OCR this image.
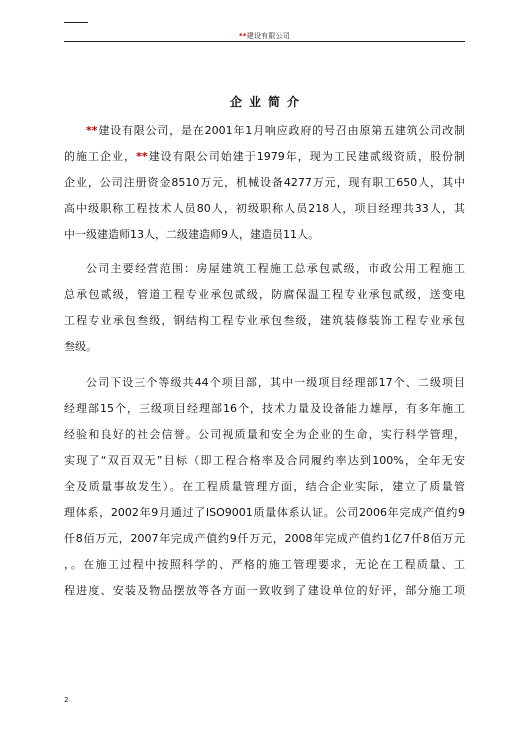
**建设有限公司
企业简介
**建设有限公司，是在2001年1月响应政府的号召由原第五建筑公司改制
的施工企业，**建设有限公司始建于1979年，现为工民建贰级资质，股份制
企业，公司注册资金8510万元，机械设备4277万元，现有职工650人，其中
高中级职称工程技术人员80人，初级职称人员218人，项目经理共33人，其
中一级建造师13人，二级建造师9人，建造员11人。
公司主要经营范围：房屋建筑工程施工总承包贰级，市政公用工程施工
总承包贰级，管道工程专业承包贰级，防腐保温工程专业承包贰级，送变电
工程专业承包叁级，钢结构工程专业承包叁级，建筑装修装饰工程专业承包
叁级。
公司下设三个等级共44个项目部，其中一级项目经理部17个、二级项目
经理部15个，三级项目经理部16个，技术力量及设备能力雄厚，有多年施工
经验和良好的社会信誉。公司视质量和安全为企业的生命，实行科学管理，
实现了“双百双无”目标（即工程合格率及合同履约率达到100%，全年无安
全及质量事故发生）。在工程质量管理方面，结合企业实际，建立了质量管
理体系，2002年9月通过了ISO9001质量体系认证。公司2006年完成产值约9
仟8佰万元，2007年完成产值约9仟万元，2008年完成产值约1亿7仟8佰万元
，。在施工过程中按照科学的、严格的施工管理要求，无论在工程质量、工
程进度、安装及物品摆放等各方面一致收到了建设单位的好评，部分施工项
2
